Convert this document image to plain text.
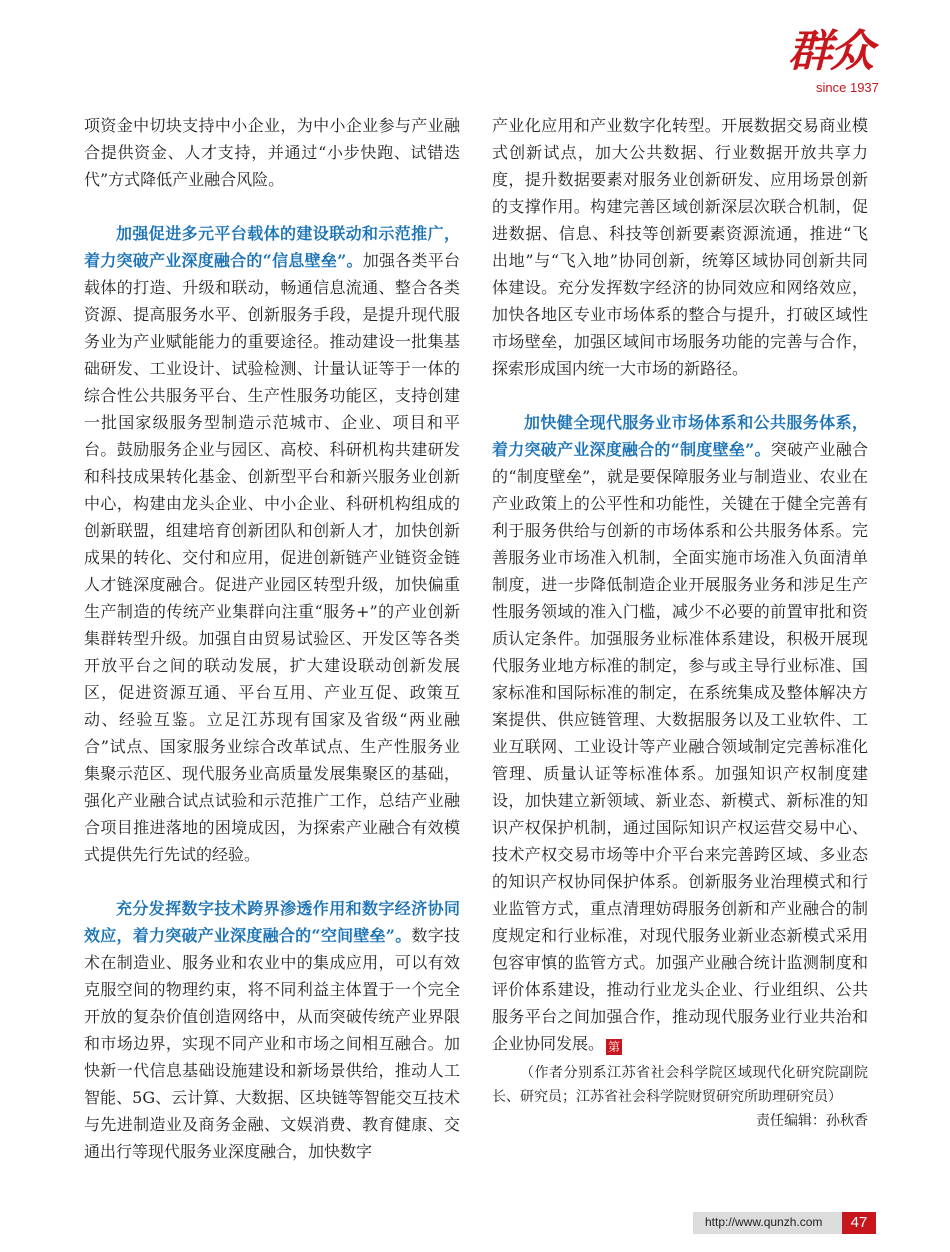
群众
since 1937

项资金中切块支持中小企业，为中小企业参与产业融合提供资金、人才支持，并通过“小步快跑、试错迭代”方式降低产业融合风险。

加强促进多元平台载体的建设联动和示范推广，着力突破产业深度融合的“信息壁垒”。加强各类平台载体的打造、升级和联动，畅通信息流通、整合各类资源、提高服务水平、创新服务手段，是提升现代服务业为产业赋能能力的重要途径。推动建设一批集基础研发、工业设计、试验检测、计量认证等于一体的综合性公共服务平台、生产性服务功能区，支持创建一批国家级服务型制造示范城市、企业、项目和平台。鼓励服务企业与园区、高校、科研机构共建研发和科技成果转化基金、创新型平台和新兴服务业创新中心，构建由龙头企业、中小企业、科研机构组成的创新联盟，组建培育创新团队和创新人才，加快创新成果的转化、交付和应用，促进创新链产业链资金链人才链深度融合。促进产业园区转型升级，加快偏重生产制造的传统产业集群向注重“服务+”的产业创新集群转型升级。加强自由贸易试验区、开发区等各类开放平台之间的联动发展，扩大建设联动创新发展区，促进资源互通、平台互用、产业互促、政策互动、经验互鉴。立足江苏现有国家及省级“两业融合”试点、国家服务业综合改革试点、生产性服务业集聚示范区、现代服务业高质量发展集聚区的基础，强化产业融合试点试验和示范推广工作，总结产业融合项目推进落地的困境成因，为探索产业融合有效模式提供先行先试的经验。

充分发挥数字技术跨界渗透作用和数字经济协同效应，着力突破产业深度融合的“空间壁垒”。数字技术在制造业、服务业和农业中的集成应用，可以有效克服空间的物理约束，将不同利益主体置于一个完全开放的复杂价值创造网络中，从而突破传统产业界限和市场边界，实现不同产业和市场之间相互融合。加快新一代信息基础设施建设和新场景供给，推动人工智能、5G、云计算、大数据、区块链等智能交互技术与先进制造业及商务金融、文娱消费、教育健康、交通出行等现代服务业深度融合，加快数字

产业化应用和产业数字化转型。开展数据交易商业模式创新试点，加大公共数据、行业数据开放共享力度，提升数据要素对服务业创新研发、应用场景创新的支撑作用。构建完善区域创新深层次联合机制，促进数据、信息、科技等创新要素资源流通，推进“飞出地”与“飞入地”协同创新，统筹区域协同创新共同体建设。充分发挥数字经济的协同效应和网络效应，加快各地区专业市场体系的整合与提升，打破区域性市场壁垒，加强区域间市场服务功能的完善与合作，探索形成国内统一大市场的新路径。

加快健全现代服务业市场体系和公共服务体系，着力突破产业深度融合的“制度壁垒”。突破产业融合的“制度壁垒”，就是要保障服务业与制造业、农业在产业政策上的公平性和功能性，关键在于健全完善有利于服务供给与创新的市场体系和公共服务体系。完善服务业市场准入机制，全面实施市场准入负面清单制度，进一步降低制造企业开展服务业务和涉足生产性服务领域的准入门槛，减少不必要的前置审批和资质认定条件。加强服务业标准体系建设，积极开展现代服务业地方标准的制定，参与或主导行业标准、国家标准和国际标准的制定，在系统集成及整体解决方案提供、供应链管理、大数据服务以及工业软件、工业互联网、工业设计等产业融合领域制定完善标准化管理、质量认证等标准体系。加强知识产权制度建设，加快建立新领域、新业态、新模式、新标准的知识产权保护机制，通过国际知识产权运营交易中心、技术产权交易市场等中介平台来完善跨区域、多业态的知识产权协同保护体系。创新服务业治理模式和行业监管方式，重点清理妨碍服务创新和产业融合的制度规定和行业标准，对现代服务业新业态新模式采用包容审慎的监管方式。加强产业融合统计监测制度和评价体系建设，推动行业龙头企业、行业组织、公共服务平台之间加强合作，推动现代服务业行业共治和企业协同发展。 第

（作者分别系江苏省社会科学院区域现代化研究院副院长、研究员；江苏省社会科学院财贸研究所助理研究员）
责任编辑：孙秋香

http://www.qunzh.com	47
